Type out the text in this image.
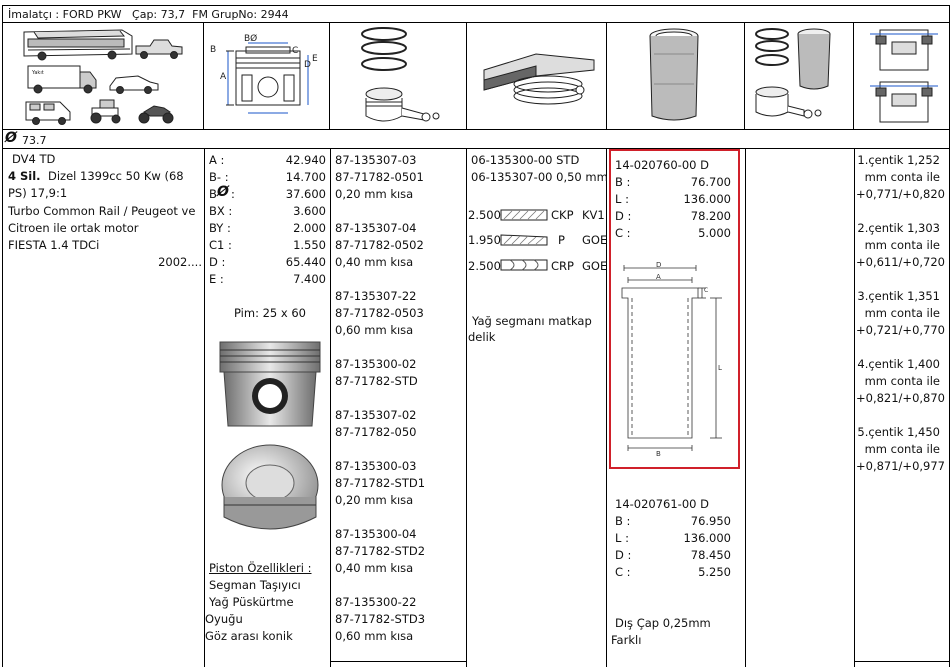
İmalatçı : FORD PKW   Çap: 73,7  FM GrupNo: 2944
Yakıt
BØ
B	C
E
D
A
Ø 73.7
DV4 TD
4 Sil. Dizel 1399cc 50 Kw (68
PS) 17,9:1
Turbo Common Rail / Peugeot ve
Citroen ile ortak motor
FIESTA 1.4 TDCi
2002....
A :	42.940
B- :	14.700
B Ø :	37.600
BX :	3.600
BY :	2.000
C1 :	1.550
D :	65.440
E :	7.400
Pim: 25 x 60
Piston Özellikleri :
Segman Taşıyıcı
Yağ Püskürtme
Oyuğu
Göz arası konik
87-135307-03
87-71782-0501
0,20 mm kısa
87-135307-04
87-71782-0502
0,40 mm kısa
87-135307-22
87-71782-0503
0,60 mm kısa
87-135300-02
87-71782-STD
87-135307-02
87-71782-050
87-135300-03
87-71782-STD1
0,20 mm kısa
87-135300-04
87-71782-STD2
0,40 mm kısa
87-135300-22
87-71782-STD3
0,60 mm kısa
06-135300-00 STD
06-135307-00 0,50 mm
2.500	CKP KV1
1.950	P GOE
2.500	CRP GOE
Yağ segmanı matkap
delik
14-020760-00 D
B :	76.700
L :	136.000
D :	78.200
C :	5.000
D
A
B
C
L
14-020761-00 D
B :	76.950
L :	136.000
D :	78.450
C :	5.250
Dış Çap 0,25mm
Farklı
1.çentik 1,252
mm conta ile
+0,771/+0,820
2.çentik 1,303
mm conta ile
+0,611/+0,720
3.çentik 1,351
mm conta ile
+0,721/+0,770
4.çentik 1,400
mm conta ile
+0,821/+0,870
5.çentik 1,450
mm conta ile
+0,871/+0,977
